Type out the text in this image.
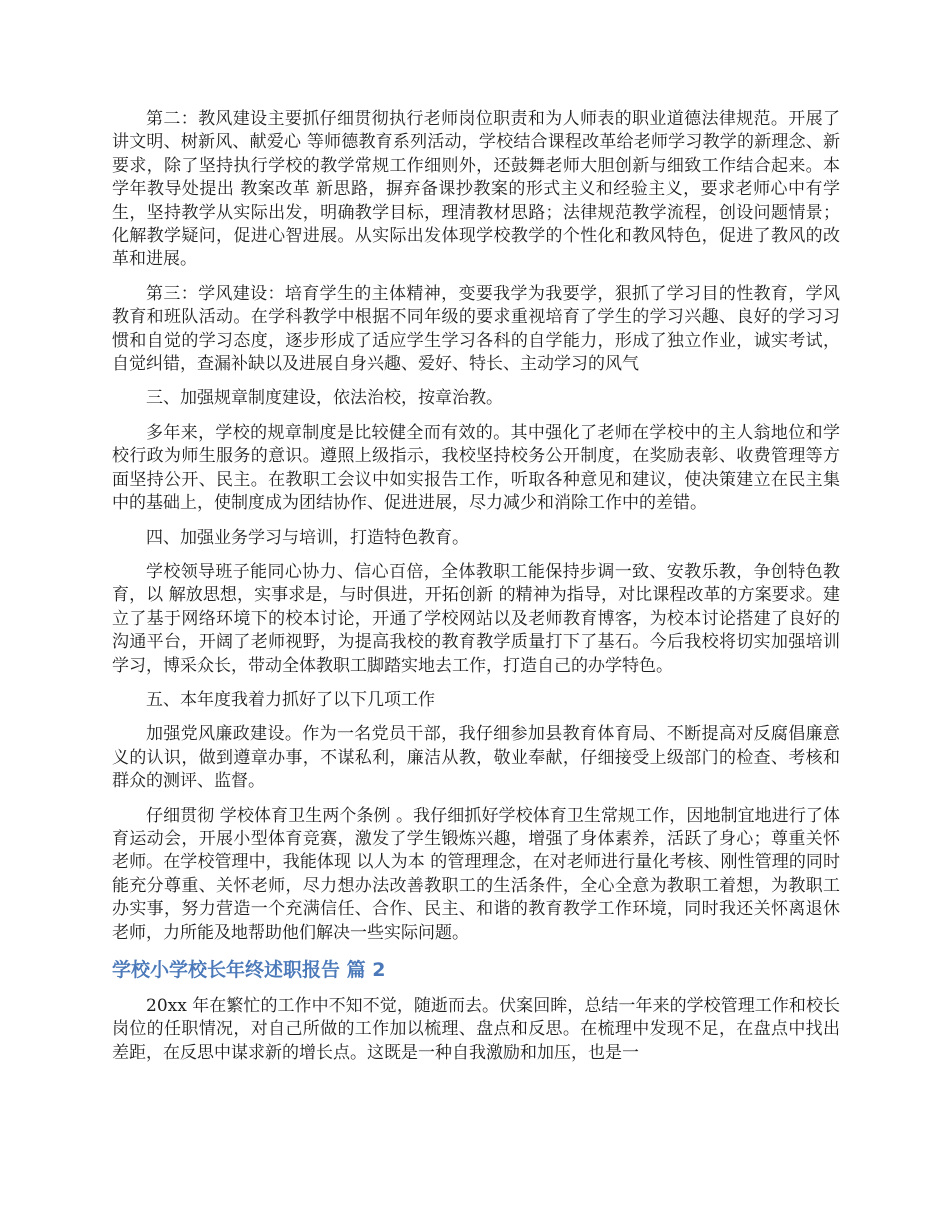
第二：教风建设主要抓仔细贯彻执行老师岗位职责和为人师表的职业道德法律规范。开展了 讲文明、树新风、献爱心 等师德教育系列活动，学校结合课程改革给老师学习教学的新理念、新要求，除了坚持执行学校的教学常规工作细则外，还鼓舞老师大胆创新与细致工作结合起来。本学年教导处提出 教案改革 新思路，摒弃备课抄教案的形式主义和经验主义，要求老师心中有学生，坚持教学从实际出发，明确教学目标，理清教材思路；法律规范教学流程，创设问题情景；化解教学疑问，促进心智进展。从实际出发体现学校教学的个性化和教风特色，促进了教风的改革和进展。

第三：学风建设：培育学生的主体精神，变要我学为我要学，狠抓了学习目的性教育，学风教育和班队活动。在学科教学中根据不同年级的要求重视培育了学生的学习兴趣、良好的学习习惯和自觉的学习态度，逐步形成了适应学生学习各科的自学能力，形成了独立作业，诚实考试，自觉纠错，查漏补缺以及进展自身兴趣、爱好、特长、主动学习的风气

三、加强规章制度建设，依法治校，按章治教。

多年来，学校的规章制度是比较健全而有效的。其中强化了老师在学校中的主人翁地位和学校行政为师生服务的意识。遵照上级指示，我校坚持校务公开制度，在奖励表彰、收费管理等方面坚持公开、民主。在教职工会议中如实报告工作，听取各种意见和建议，使决策建立在民主集中的基础上，使制度成为团结协作、促进进展，尽力减少和消除工作中的差错。

四、加强业务学习与培训，打造特色教育。

学校领导班子能同心协力、信心百倍，全体教职工能保持步调一致、安教乐教，争创特色教育，以 解放思想，实事求是，与时俱进，开拓创新 的精神为指导，对比课程改革的方案要求。建立了基于网络环境下的校本讨论，开通了学校网站以及老师教育博客，为校本讨论搭建了良好的沟通平台，开阔了老师视野，为提高我校的教育教学质量打下了基石。今后我校将切实加强培训学习，博采众长，带动全体教职工脚踏实地去工作，打造自己的办学特色。

五、本年度我着力抓好了以下几项工作

加强党风廉政建设。作为一名党员干部，我仔细参加县教育体育局、不断提高对反腐倡廉意义的认识，做到遵章办事，不谋私利，廉洁从教，敬业奉献，仔细接受上级部门的检查、考核和群众的测评、监督。

仔细贯彻 学校体育卫生两个条例 。我仔细抓好学校体育卫生常规工作，因地制宜地进行了体育运动会，开展小型体育竞赛，激发了学生锻炼兴趣，增强了身体素养，活跃了身心；尊重关怀老师。在学校管理中，我能体现 以人为本 的管理理念，在对老师进行量化考核、刚性管理的同时能充分尊重、关怀老师，尽力想办法改善教职工的生活条件，全心全意为教职工着想，为教职工办实事，努力营造一个充满信任、合作、民主、和谐的教育教学工作环境，同时我还关怀离退休老师，力所能及地帮助他们解决一些实际问题。

学校小学校长年终述职报告 篇 2

20xx 年在繁忙的工作中不知不觉，随逝而去。伏案回眸，总结一年来的学校管理工作和校长岗位的任职情况，对自己所做的工作加以梳理、盘点和反思。在梳理中发现不足，在盘点中找出差距，在反思中谋求新的增长点。这既是一种自我激励和加压，也是一
